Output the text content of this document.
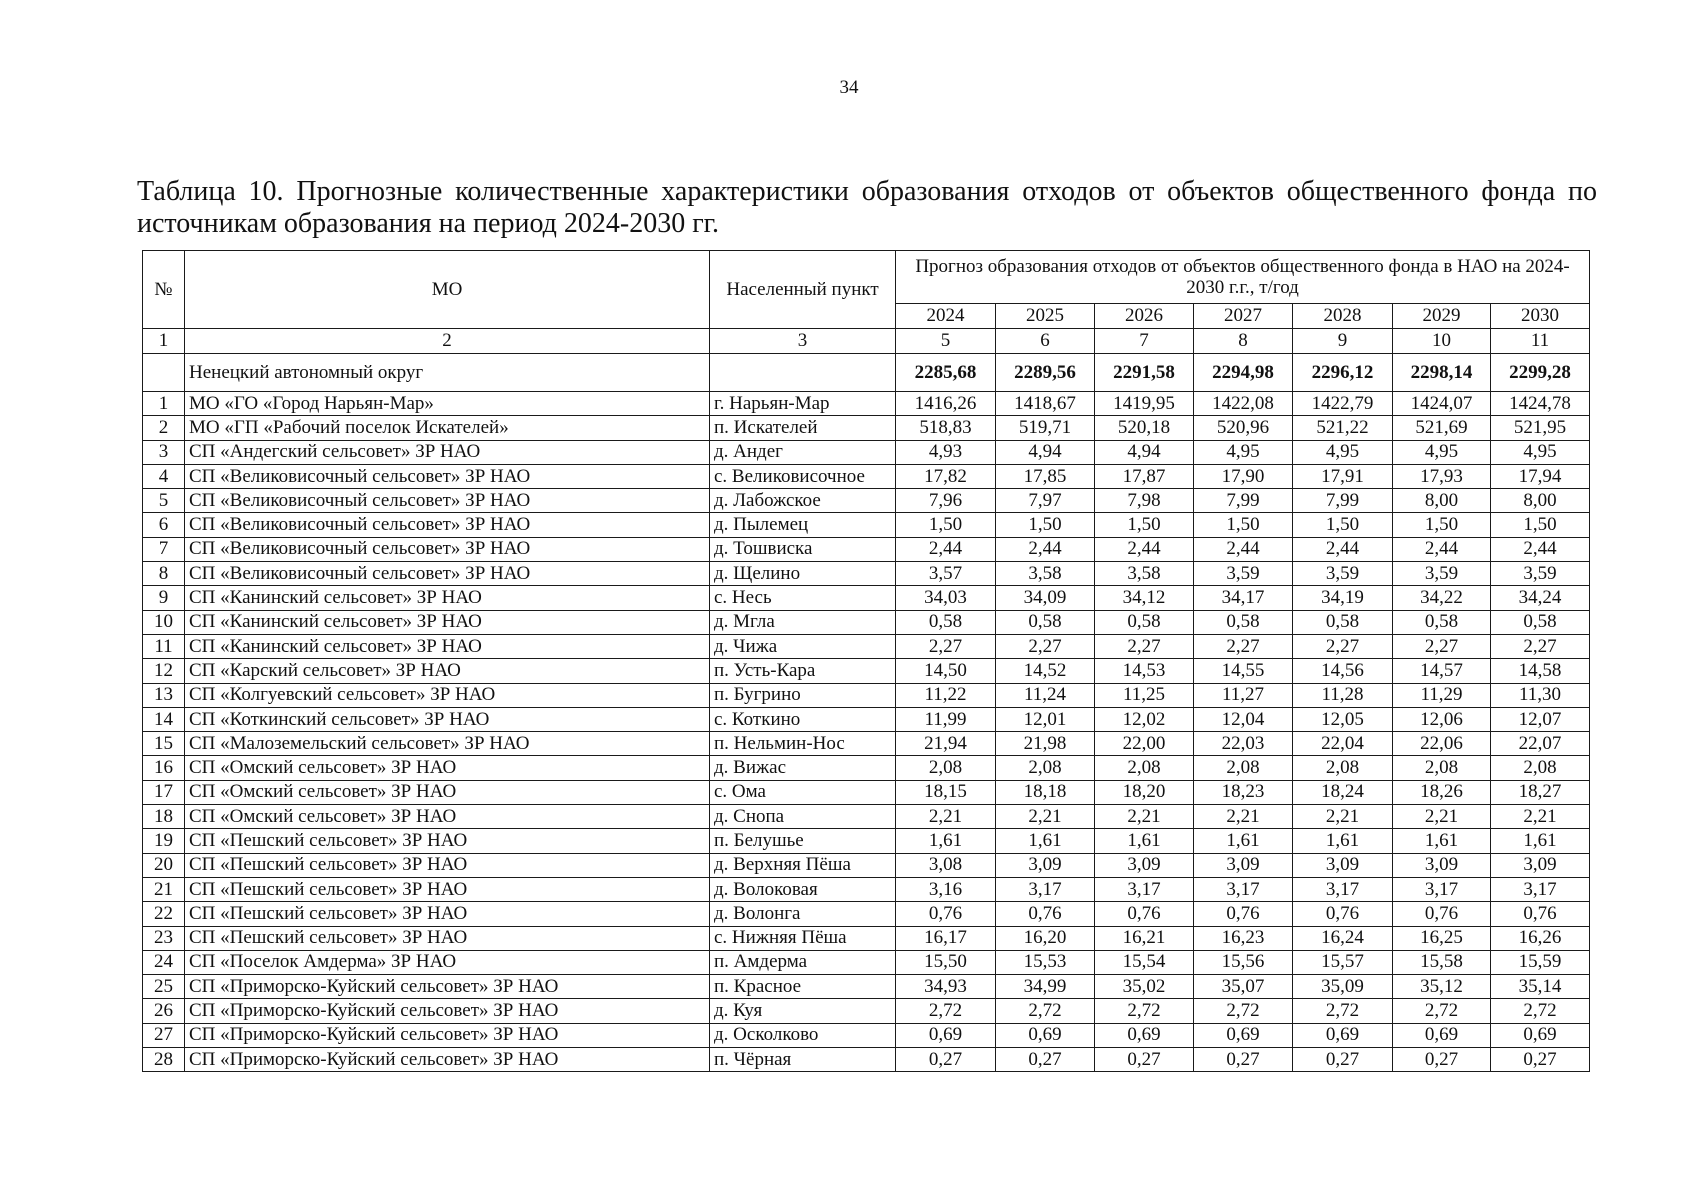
34
Таблица 10. Прогнозные количественные характеристики образования отходов от объектов общественного фонда по источникам образования на период 2024-2030 гг.
№	МО	Населенный пункт	Прогноз образования отходов от объектов общественного фонда в НАО на 2024-2030 г.г., т/год						
			2024	2025	2026	2027	2028	2029	2030
1	2	3	5	6	7	8	9	10	11
	Ненецкий автономный округ		2285,68	2289,56	2291,58	2294,98	2296,12	2298,14	2299,28
1	МО «ГО «Город Нарьян-Мар»	г. Нарьян-Мар	1416,26	1418,67	1419,95	1422,08	1422,79	1424,07	1424,78
2	МО «ГП «Рабочий поселок Искателей»	п. Искателей	518,83	519,71	520,18	520,96	521,22	521,69	521,95
3	СП «Андегский сельсовет» ЗР НАО	д. Андег	4,93	4,94	4,94	4,95	4,95	4,95	4,95
4	СП «Великовисочный сельсовет» ЗР НАО	с. Великовисочное	17,82	17,85	17,87	17,90	17,91	17,93	17,94
5	СП «Великовисочный сельсовет» ЗР НАО	д. Лабожское	7,96	7,97	7,98	7,99	7,99	8,00	8,00
6	СП «Великовисочный сельсовет» ЗР НАО	д. Пылемец	1,50	1,50	1,50	1,50	1,50	1,50	1,50
7	СП «Великовисочный сельсовет» ЗР НАО	д. Тошвиска	2,44	2,44	2,44	2,44	2,44	2,44	2,44
8	СП «Великовисочный сельсовет» ЗР НАО	д. Щелино	3,57	3,58	3,58	3,59	3,59	3,59	3,59
9	СП «Канинский сельсовет» ЗР НАО	с. Несь	34,03	34,09	34,12	34,17	34,19	34,22	34,24
10	СП «Канинский сельсовет» ЗР НАО	д. Мгла	0,58	0,58	0,58	0,58	0,58	0,58	0,58
11	СП «Канинский сельсовет» ЗР НАО	д. Чижа	2,27	2,27	2,27	2,27	2,27	2,27	2,27
12	СП «Карский сельсовет» ЗР НАО	п. Усть-Кара	14,50	14,52	14,53	14,55	14,56	14,57	14,58
13	СП «Колгуевский сельсовет» ЗР НАО	п. Бугрино	11,22	11,24	11,25	11,27	11,28	11,29	11,30
14	СП «Коткинский сельсовет» ЗР НАО	с. Коткино	11,99	12,01	12,02	12,04	12,05	12,06	12,07
15	СП «Малоземельский сельсовет» ЗР НАО	п. Нельмин-Нос	21,94	21,98	22,00	22,03	22,04	22,06	22,07
16	СП «Омский сельсовет» ЗР НАО	д. Вижас	2,08	2,08	2,08	2,08	2,08	2,08	2,08
17	СП «Омский сельсовет» ЗР НАО	с. Ома	18,15	18,18	18,20	18,23	18,24	18,26	18,27
18	СП «Омский сельсовет» ЗР НАО	д. Снопа	2,21	2,21	2,21	2,21	2,21	2,21	2,21
19	СП «Пешский сельсовет» ЗР НАО	п. Белушье	1,61	1,61	1,61	1,61	1,61	1,61	1,61
20	СП «Пешский сельсовет» ЗР НАО	д. Верхняя Пёша	3,08	3,09	3,09	3,09	3,09	3,09	3,09
21	СП «Пешский сельсовет» ЗР НАО	д. Волоковая	3,16	3,17	3,17	3,17	3,17	3,17	3,17
22	СП «Пешский сельсовет» ЗР НАО	д. Волонга	0,76	0,76	0,76	0,76	0,76	0,76	0,76
23	СП «Пешский сельсовет» ЗР НАО	с. Нижняя Пёша	16,17	16,20	16,21	16,23	16,24	16,25	16,26
24	СП «Поселок Амдерма» ЗР НАО	п. Амдерма	15,50	15,53	15,54	15,56	15,57	15,58	15,59
25	СП «Приморско-Куйский сельсовет» ЗР НАО	п. Красное	34,93	34,99	35,02	35,07	35,09	35,12	35,14
26	СП «Приморско-Куйский сельсовет» ЗР НАО	д. Куя	2,72	2,72	2,72	2,72	2,72	2,72	2,72
27	СП «Приморско-Куйский сельсовет» ЗР НАО	д. Осколково	0,69	0,69	0,69	0,69	0,69	0,69	0,69
28	СП «Приморско-Куйский сельсовет» ЗР НАО	п. Чёрная	0,27	0,27	0,27	0,27	0,27	0,27	0,27
